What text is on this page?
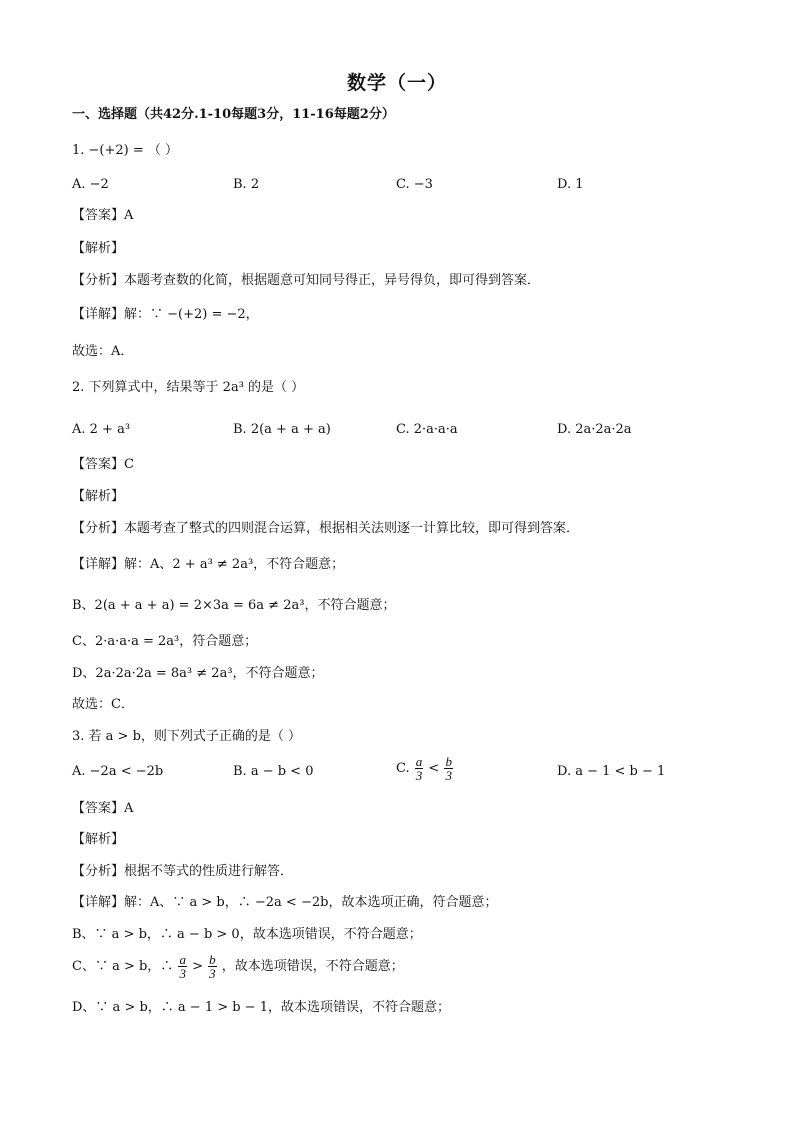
数学（一）
一、选择题（共42分.1-10每题3分，11-16每题2分）
1. −(+2) = （ ）
A. −2	B. 2	C. −3	D. 1
【答案】A
【解析】
【分析】本题考查数的化简，根据题意可知同号得正，异号得负，即可得到答案．
【详解】解：∵ −(+2) = −2，
故选：A．
2. 下列算式中，结果等于 2a³ 的是（ ）
A. 2 + a³	B. 2(a + a + a)	C. 2·a·a·a	D. 2a·2a·2a
【答案】C
【解析】
【分析】本题考查了整式的四则混合运算，根据相关法则逐一计算比较，即可得到答案．
【详解】解：A、2 + a³ ≠ 2a³，不符合题意；
B、2(a + a + a) = 2×3a = 6a ≠ 2a³，不符合题意；
C、2·a·a·a = 2a³，符合题意；
D、2a·2a·2a = 8a³ ≠ 2a³，不符合题意；
故选：C．
3. 若 a > b，则下列式子正确的是（ ）
A. −2a < −2b	B. a − b < 0	C. $\frac{a}{3} < \frac{b}{3}$	D. a − 1 < b − 1
【答案】A
【解析】
【分析】根据不等式的性质进行解答．
【详解】解：A、∵ a > b，∴ −2a < −2b，故本选项正确，符合题意；
B、∵ a > b，∴ a − b > 0，故本选项错误，不符合题意；
C、∵ a > b，∴ $\frac{a}{3} > \frac{b}{3}$ ，故本选项错误，不符合题意；
D、∵ a > b，∴ a − 1 > b − 1，故本选项错误，不符合题意；
